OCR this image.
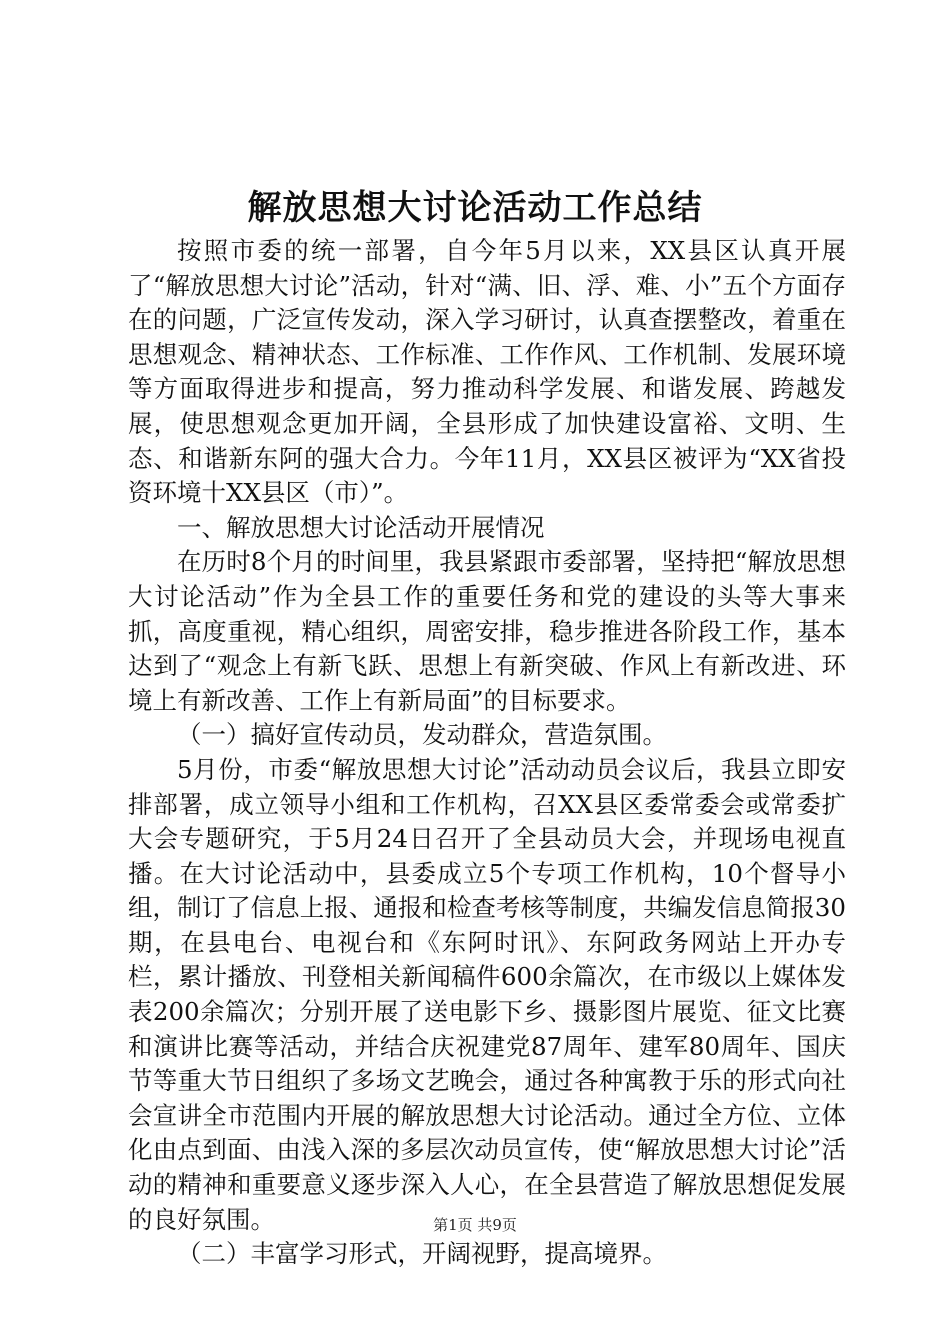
解放思想大讨论活动工作总结

按照市委的统一部署，自今年5月以来，XX县区认真开展了“解放思想大讨论”活动，针对“满、旧、浮、难、小”五个方面存在的问题，广泛宣传发动，深入学习研讨，认真查摆整改，着重在思想观念、精神状态、工作标准、工作作风、工作机制、发展环境等方面取得进步和提高，努力推动科学发展、和谐发展、跨越发展，使思想观念更加开阔，全县形成了加快建设富裕、文明、生态、和谐新东阿的强大合力。今年11月，XX县区被评为“XX省投资环境十XX县区（市）”。

一、解放思想大讨论活动开展情况

在历时8个月的时间里，我县紧跟市委部署，坚持把“解放思想大讨论活动”作为全县工作的重要任务和党的建设的头等大事来抓，高度重视，精心组织，周密安排，稳步推进各阶段工作，基本达到了“观念上有新飞跃、思想上有新突破、作风上有新改进、环境上有新改善、工作上有新局面”的目标要求。

（一）搞好宣传动员，发动群众，营造氛围。

5月份，市委“解放思想大讨论”活动动员会议后，我县立即安排部署，成立领导小组和工作机构，召XX县区委常委会或常委扩大会专题研究，于5月24日召开了全县动员大会，并现场电视直播。在大讨论活动中，县委成立5个专项工作机构，10个督导小组，制订了信息上报、通报和检查考核等制度，共编发信息简报30期，在县电台、电视台和《东阿时讯》、东阿政务网站上开办专栏，累计播放、刊登相关新闻稿件600余篇次，在市级以上媒体发表200余篇次；分别开展了送电影下乡、摄影图片展览、征文比赛和演讲比赛等活动，并结合庆祝建党87周年、建军80周年、国庆节等重大节日组织了多场文艺晚会，通过各种寓教于乐的形式向社会宣讲全市范围内开展的解放思想大讨论活动。通过全方位、立体化由点到面、由浅入深的多层次动员宣传，使“解放思想大讨论”活动的精神和重要意义逐步深入人心，在全县营造了解放思想促发展的良好氛围。

（二）丰富学习形式，开阔视野，提高境界。

第1页 共9页
